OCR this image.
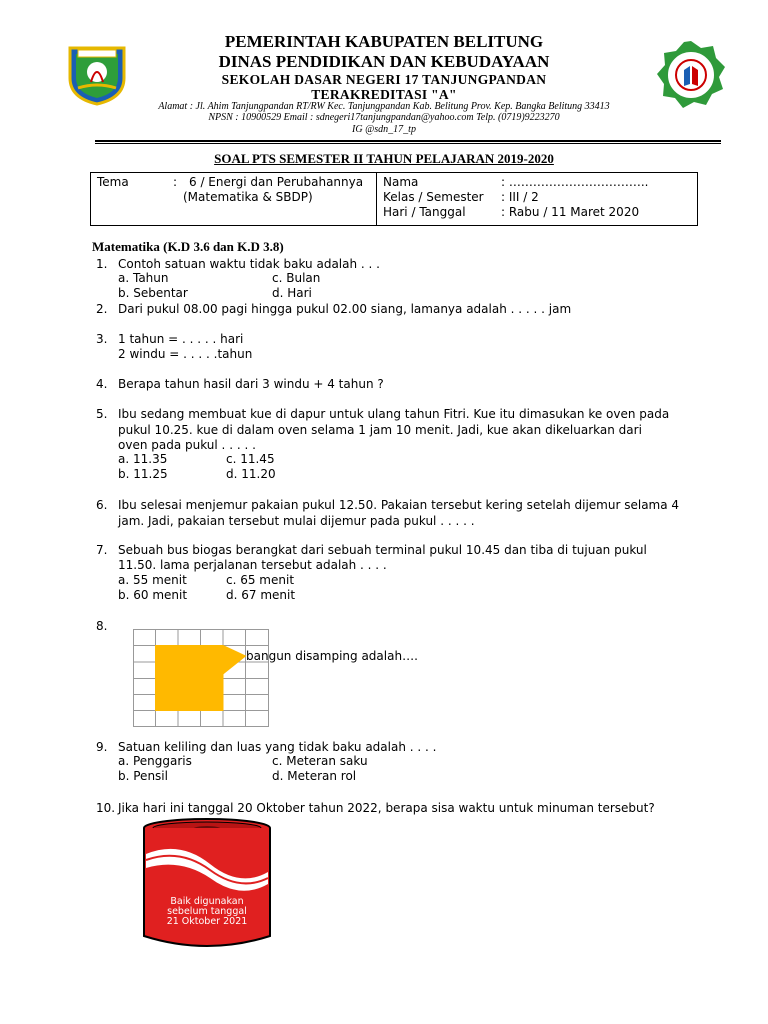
PEMERINTAH KABUPATEN BELITUNG
DINAS PENDIDIKAN DAN KEBUDAYAAN
SEKOLAH DASAR NEGERI 17 TANJUNGPANDAN
TERAKREDITASI "A"
Alamat : Jl. Ahim Tanjungpandan RT/RW Kec. Tanjungpandan Kab. Belitung Prov. Kep. Bangka Belitung 33413
NPSN : 10900529 Email : sdnegeri17tanjungpandan@yahoo.com Telp. (0719)9223270
IG @sdn_17_tp
SOAL PTS SEMESTER II TAHUN PELAJARAN 2019-2020
Tema	: 6 / Energi dan Perubahannya
(Matematika & SBDP)	Nama	: ……………………………..
Kelas / Semester : III / 2
Hari / Tanggal	: Rabu / 11 Maret 2020
Matematika (K.D 3.6 dan K.D 3.8)
1. Contoh satuan waktu tidak baku adalah . . .
a. Tahun	c. Bulan
b. Sebentar	d. Hari
2. Dari pukul 08.00 pagi hingga pukul 02.00 siang, lamanya adalah . . . . . jam
3. 1 tahun = . . . . . hari
2 windu = . . . . .tahun
4. Berapa tahun hasil dari 3 windu + 4 tahun ?
5. Ibu sedang membuat kue di dapur untuk ulang tahun Fitri. Kue itu dimasukan ke oven pada
pukul 10.25. kue di dalam oven selama 1 jam 10 menit. Jadi, kue akan dikeluarkan dari
oven pada pukul . . . . .
a. 11.35	c. 11.45
b. 11.25	d. 11.20
6. Ibu selesai menjemur pakaian pukul 12.50. Pakaian tersebut kering setelah dijemur selama 4
jam. Jadi, pakaian tersebut mulai dijemur pada pukul . . . . .
7. Sebuah bus biogas berangkat dari sebuah terminal pukul 10.45 dan tiba di tujuan pukul
11.50. lama perjalanan tersebut adalah . . . .
a. 55 menit	c. 65 menit
b. 60 menit	d. 67 menit
8.
bangun disamping adalah….
9. Satuan keliling dan luas yang tidak baku adalah . . . .
a. Penggaris	c. Meteran saku
b. Pensil	d. Meteran rol
10. Jika hari ini tanggal 20 Oktober tahun 2022, berapa sisa waktu untuk minuman tersebut?
Baik digunakan
sebelum tanggal
21 Oktober 2021
